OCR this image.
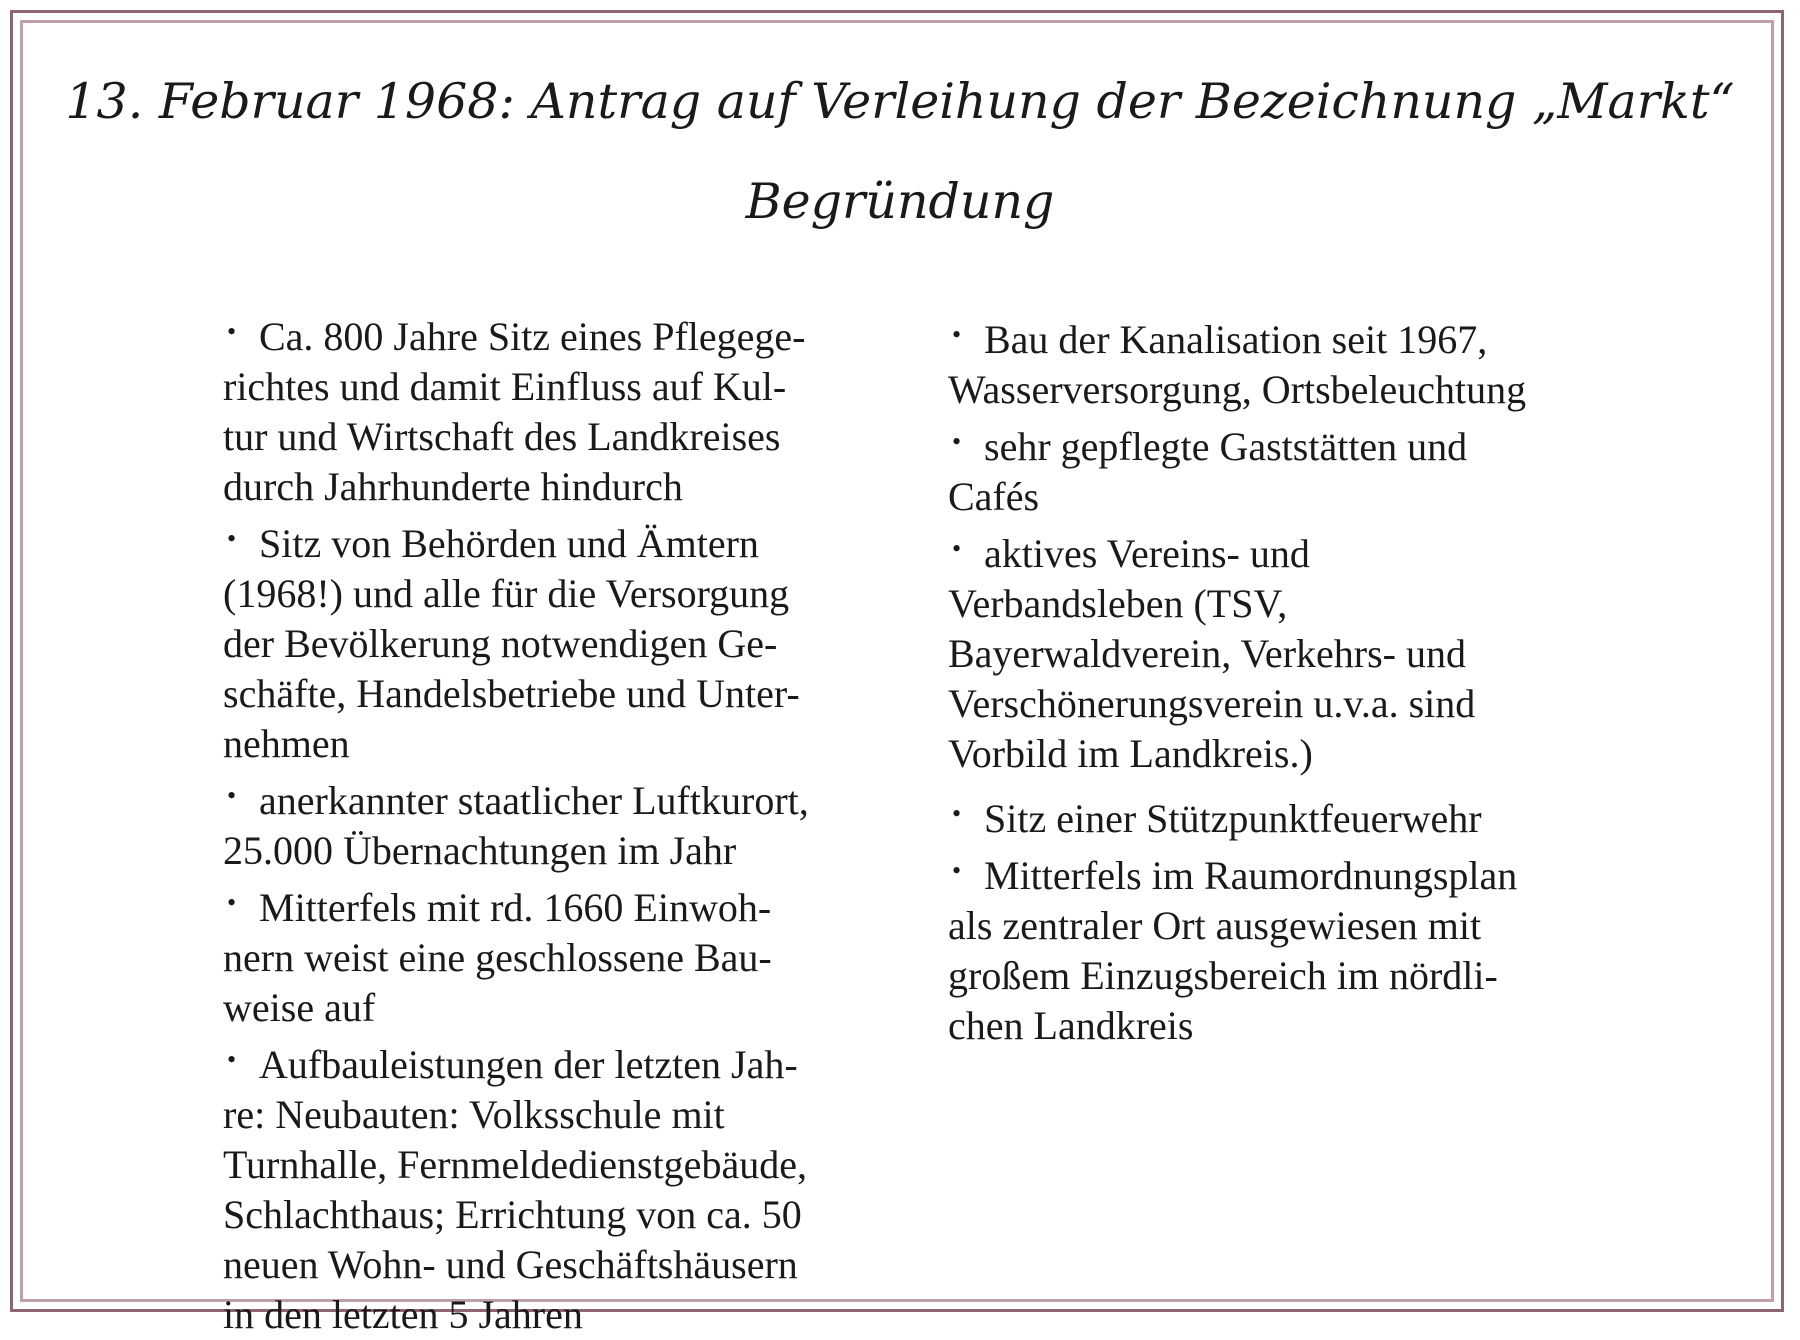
13. Februar 1968: Antrag auf Verleihung der Bezeichnung „Markt“
Begründung

• Ca. 800 Jahre Sitz eines Pflegege-
richtes und damit Einfluss auf Kul-
tur und Wirtschaft des Landkreises
durch Jahrhunderte hindurch

• Sitz von Behörden und Ämtern
(1968!) und alle für die Versorgung
der Bevölkerung notwendigen Ge-
schäfte, Handelsbetriebe und Unter-
nehmen

• anerkannter staatlicher Luftkurort,
25.000 Übernachtungen im Jahr

• Mitterfels mit rd. 1660 Einwoh-
nern weist eine geschlossene Bau-
weise auf

• Aufbauleistungen der letzten Jah-
re: Neubauten: Volksschule mit
Turnhalle, Fernmeldedienstgebäude,
Schlachthaus; Errichtung von ca. 50
neuen Wohn- und Geschäftshäusern
in den letzten 5 Jahren

• Bau der Kanalisation seit 1967,
Wasserversorgung, Ortsbeleuchtung

• sehr gepflegte Gaststätten und
Cafés

• aktives Vereins- und
Verbandsleben (TSV,
Bayerwaldverein, Verkehrs- und
Verschönerungsverein u.v.a. sind
Vorbild im Landkreis.)

• Sitz einer Stützpunktfeuerwehr

• Mitterfels im Raumordnungsplan
als zentraler Ort ausgewiesen mit
großem Einzugsbereich im nördli-
chen Landkreis
